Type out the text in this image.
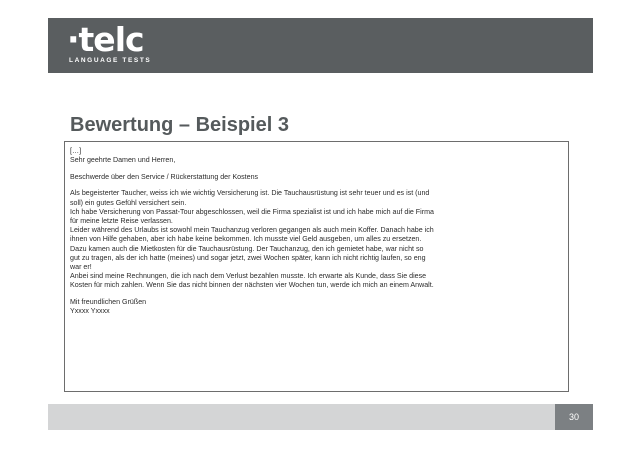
·telc
LANGUAGE TESTS
Bewertung – Beispiel 3

[…]

Sehr geehrte Damen und Herren,

Beschwerde über den Service / Rückerstattung der Kostens

Als begeisterter Taucher, weiss ich wie wichtig Versicherung ist. Die Tauchausrüstung ist sehr teuer und es ist (und

soll) ein gutes Gefühl versichert sein.

Ich habe Versicherung von Passat-Tour abgeschlossen, weil die Firma spezialist ist und ich habe mich auf die Firma

für meine letzte Reise verlassen.

Leider während des Urlaubs ist sowohl mein Tauchanzug verloren gegangen als auch mein Koffer. Danach habe ich

ihnen von Hilfe gehaben, aber ich habe keine bekommen. Ich musste viel Geld ausgeben, um alles zu ersetzen.

Dazu kamen auch die Mietkosten für die Tauchausrüstung. Der Tauchanzug, den ich gemietet habe, war nicht so

gut zu tragen, als der ich hatte (meines) und sogar jetzt, zwei Wochen später, kann ich nicht richtig laufen, so eng

war er!

Anbei sind meine Rechnungen, die ich nach dem Verlust bezahlen musste. Ich erwarte als Kunde, dass Sie diese

Kosten für mich zahlen. Wenn Sie das nicht binnen der nächsten vier Wochen tun, werde ich mich an einem Anwalt.

Mit freundlichen Grüßen

Yxxxx Yxxxx

30
